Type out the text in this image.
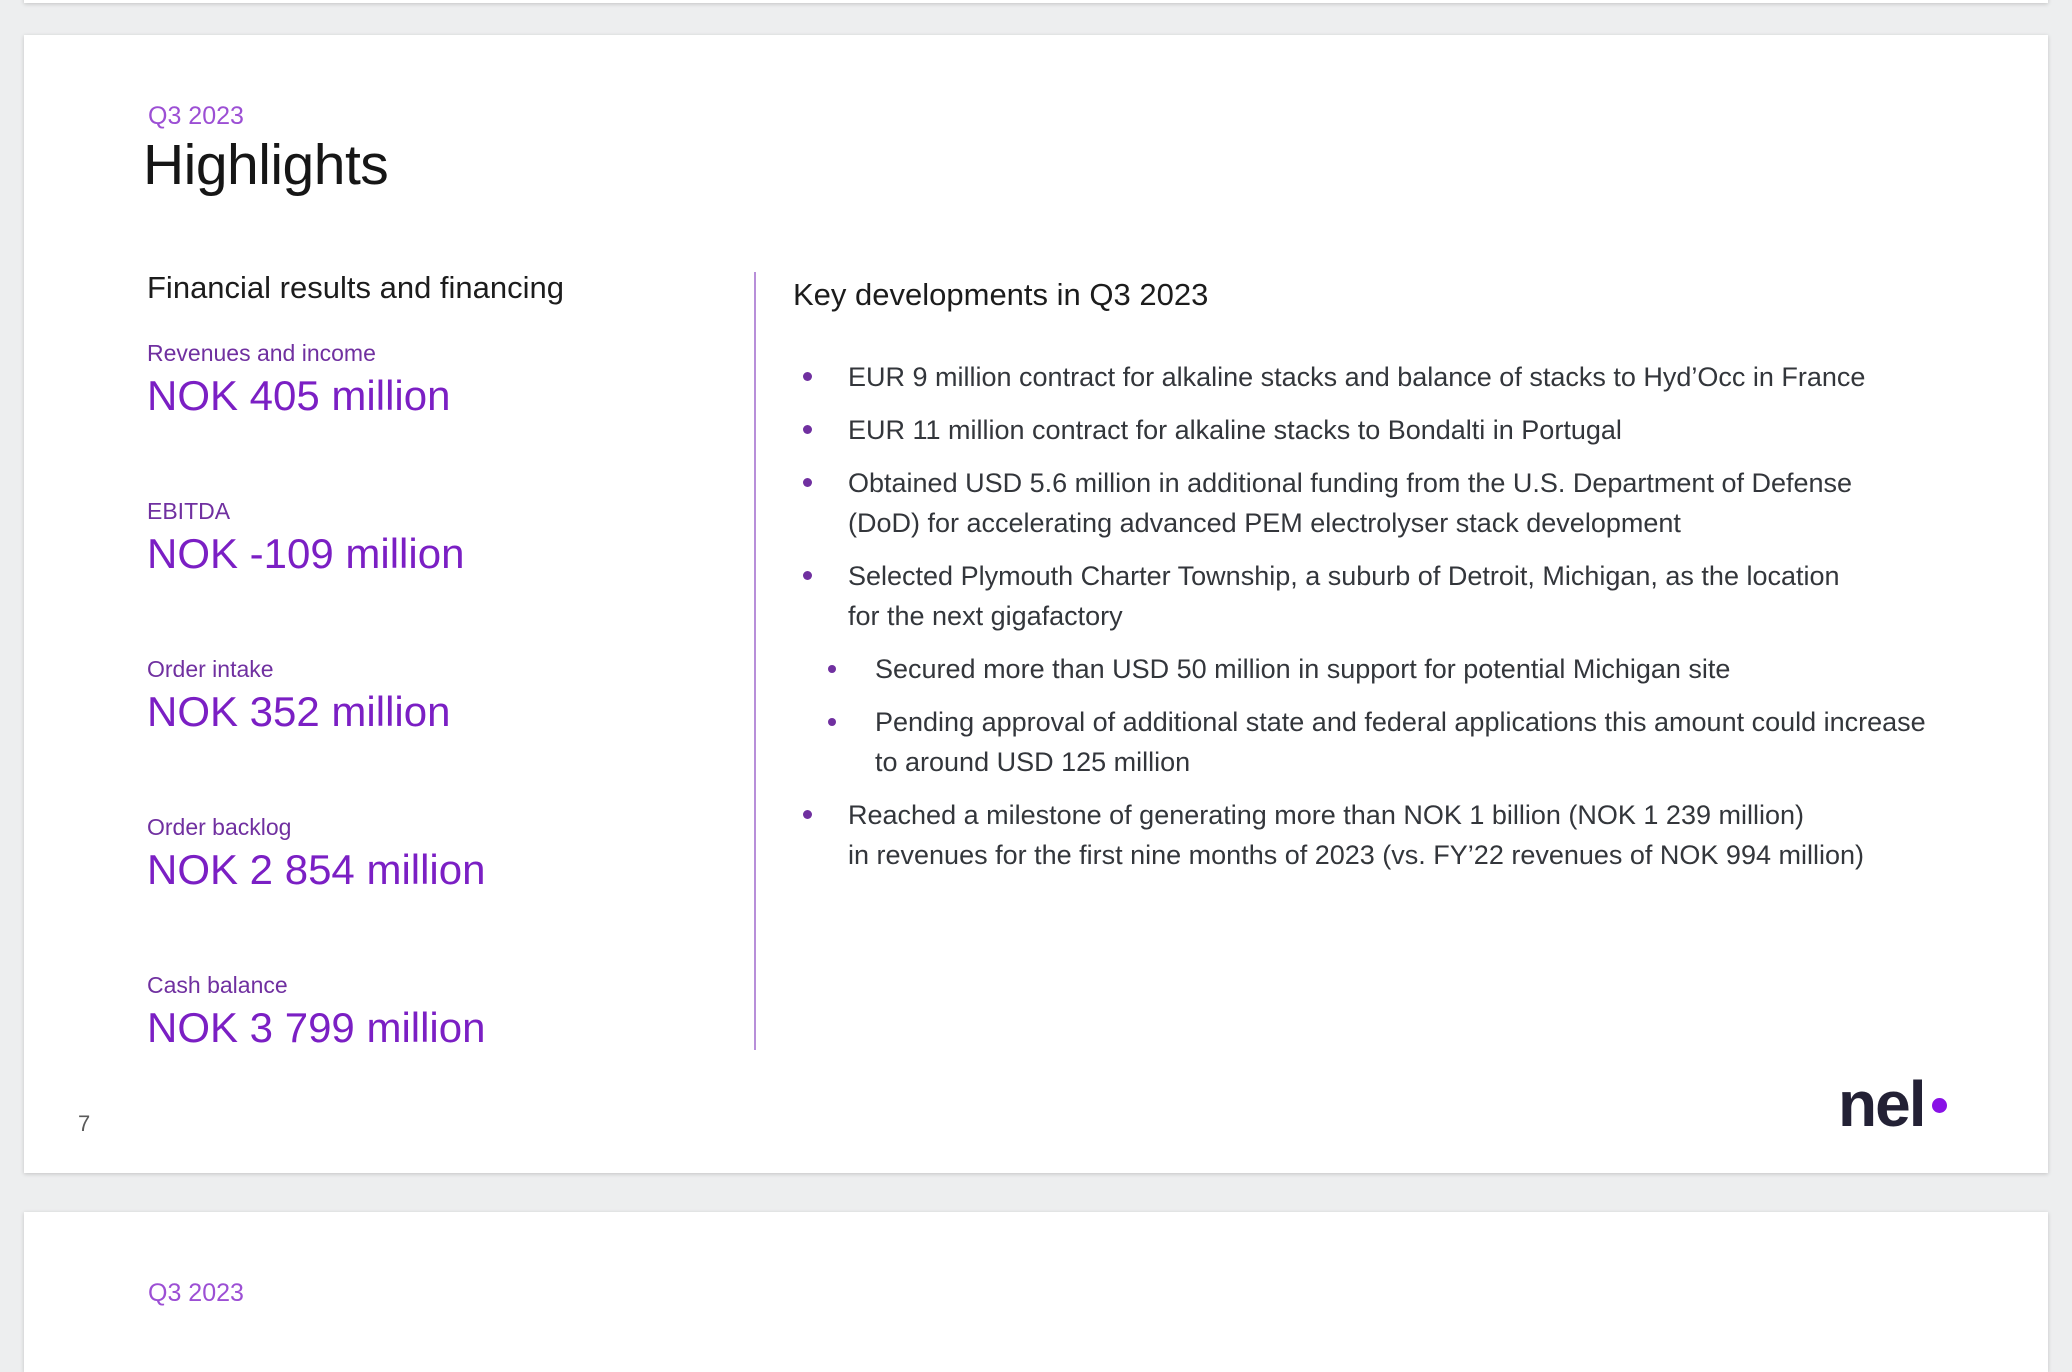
Q3 2023
Highlights
Financial results and financing
Revenues and income
NOK 405 million
EBITDA
NOK -109 million
Order intake
NOK 352 million
Order backlog
NOK 2 854 million
Cash balance
NOK 3 799 million
Key developments in Q3 2023
EUR 9 million contract for alkaline stacks and balance of stacks to Hyd’Occ in France
EUR 11 million contract for alkaline stacks to Bondalti in Portugal
Obtained USD 5.6 million in additional funding from the U.S. Department of Defense
(DoD) for accelerating advanced PEM electrolyser stack development
Selected Plymouth Charter Township, a suburb of Detroit, Michigan, as the location
for the next gigafactory
Secured more than USD 50 million in support for potential Michigan site
Pending approval of additional state and federal applications this amount could increase
to around USD 125 million
Reached a milestone of generating more than NOK 1 billion (NOK 1 239 million)
in revenues for the first nine months of 2023 (vs. FY’22 revenues of NOK 994 million)
7	nel
Q3 2023
